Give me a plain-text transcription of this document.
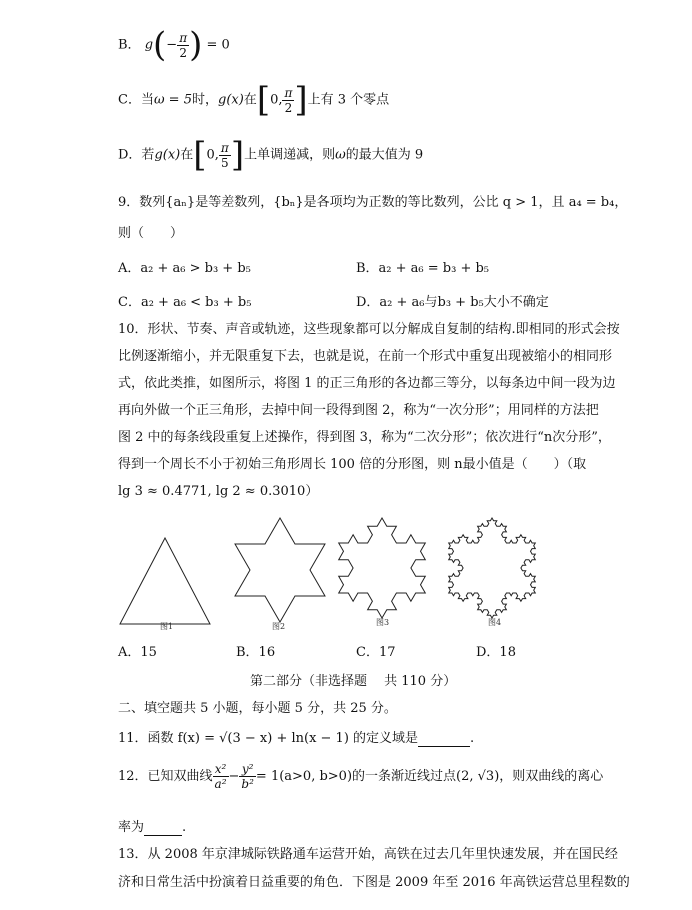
B． $g(- \frac{\pi}{2}$ ) = 0
C．当ω = 5时，g(x)在[0, $\frac{\pi}{2}$ ]上有 3 个零点
D．若g(x)在[0, $\frac{\pi}{5}$ ]上单调递减，则ω的最大值为 9
9．数列{aₙ}是等差数列，{bₙ}是各项均为正数的等比数列，公比 q > 1，且 a₄ = b₄，
则（　　）
A．a₂ + a₆ > b₃ + b₅	B．a₂ + a₆ = b₃ + b₅
C．a₂ + a₆ < b₃ + b₅	D．a₂ + a₆与b₃ + b₅大小不确定
10．形状、节奏、声音或轨迹，这些现象都可以分解成自复制的结构.即相同的形式会按
比例逐渐缩小，并无限重复下去，也就是说，在前一个形式中重复出现被缩小的相同形
式，依此类推，如图所示，将图 1 的正三角形的各边都三等分，以每条边中间一段为边
再向外做一个正三角形，去掉中间一段得到图 2，称为“一次分形”；用同样的方法把
图 2 中的每条线段重复上述操作，得到图 3，称为“二次分形”；依次进行“n次分形”，
得到一个周长不小于初始三角形周长 100 倍的分形图，则 n最小值是（　　）（取
lg 3 ≈ 0.4771, lg 2 ≈ 0.3010）
图1	图2	图3	图4
A．15	B．16	C．17	D．18
第二部分（非选择题　 共 110 分）
二、填空题共 5 小题，每小题 5 分，共 25 分。
11．函数 f(x) = √(3 − x) + ln(x − 1) 的定义域是	.
12．已知双曲线 $\frac{\text{x²}}{\text{a²}} - \frac{\text{y²}}{\text{b²}} = 1(a>0$, b>0)的一条渐近线过点(2, √3)，则双曲线的离心
率为	.
13．从 2008 年京津城际铁路通车运营开始，高铁在过去几年里快速发展，并在国民经
济和日常生活中扮演着日益重要的角色．下图是 2009 年至 2016 年高铁运营总里程数的
